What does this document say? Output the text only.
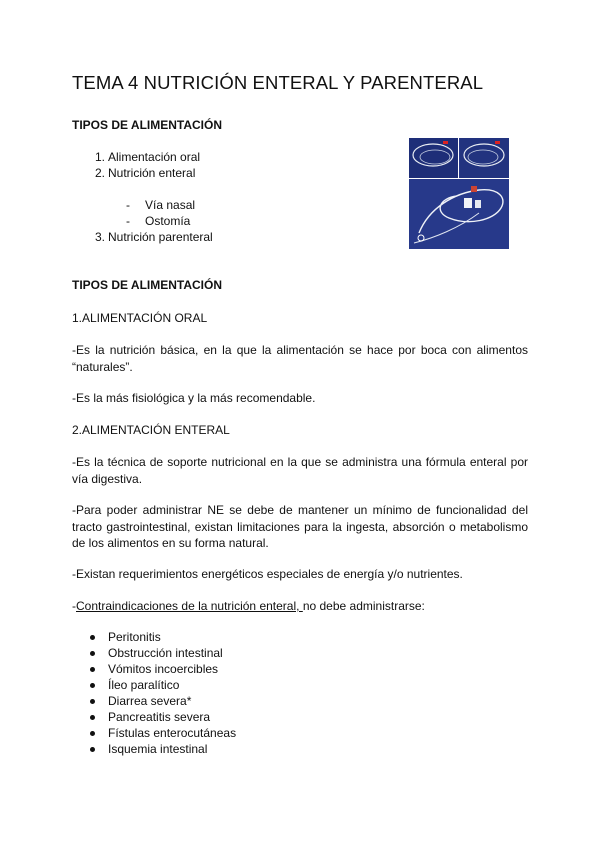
TEMA 4 NUTRICIÓN ENTERAL Y PARENTERAL
TIPOS DE ALIMENTACIÓN
1. Alimentación oral
2. Nutrición enteral
- Vía nasal
- Ostomía
3. Nutrición parenteral
TIPOS DE ALIMENTACIÓN

1.ALIMENTACIÓN ORAL

-Es la nutrición básica, en la que la alimentación se hace por boca con alimentos “naturales”.

-Es la más fisiológica y la más recomendable.

2.ALIMENTACIÓN ENTERAL

-Es la técnica de soporte nutricional en la que se administra una fórmula enteral por vía digestiva.

-Para poder administrar NE se debe de mantener un mínimo de funcionalidad del tracto gastrointestinal, existan limitaciones para la ingesta, absorción o metabolismo de los alimentos en su forma natural.

-Existan requerimientos energéticos especiales de energía y/o nutrientes.

-Contraindicaciones de la nutrición enteral, no debe administrarse:

Peritonitis
Obstrucción intestinal
Vómitos incoercibles
Íleo paralítico
Diarrea severa*
Pancreatitis severa
Fístulas enterocutáneas
Isquemia intestinal
